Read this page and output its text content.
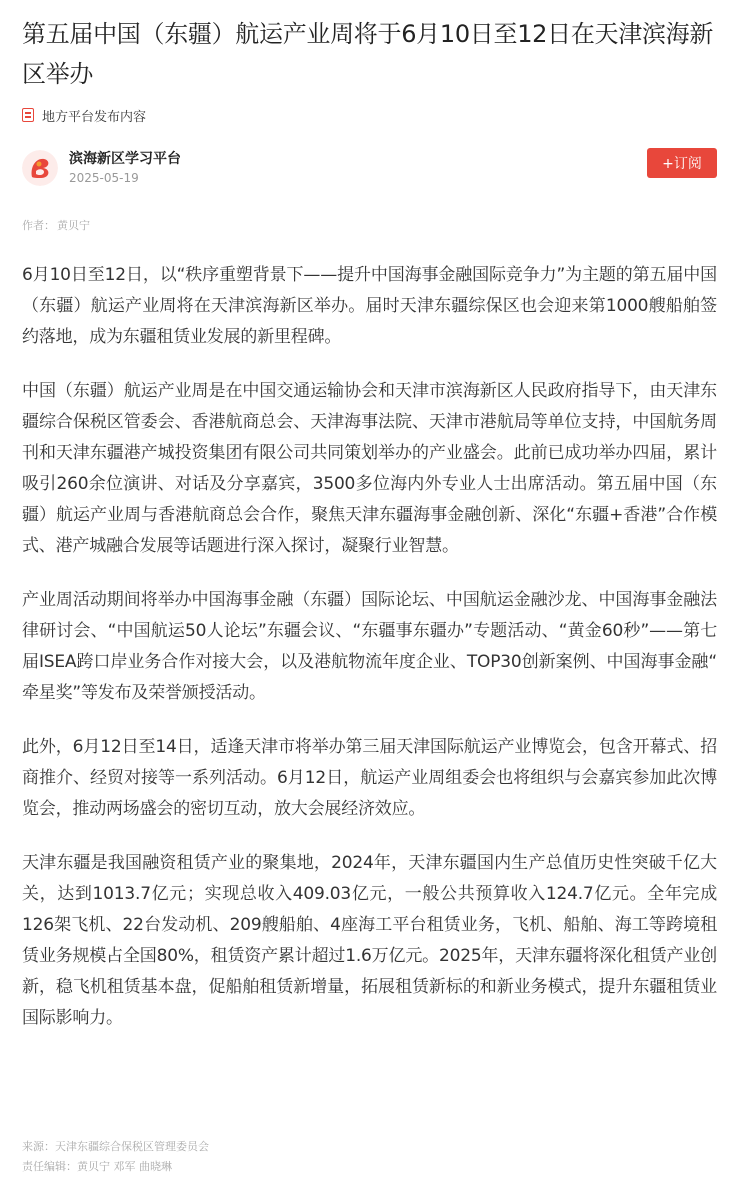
第五届中国（东疆）航运产业周将于6月10日至12日在天津滨海新区举办
地方平台发布内容
滨海新区学习平台
2025-05-19
+订阅
作者： 黄贝宁

6月10日至12日，以“秩序重塑背景下——提升中国海事金融国际竞争力”为主题的第五届中国（东疆）航运产业周将在天津滨海新区举办。届时天津东疆综保区也会迎来第1000艘船舶签约落地，成为东疆租赁业发展的新里程碑。

中国（东疆）航运产业周是在中国交通运输协会和天津市滨海新区人民政府指导下，由天津东疆综合保税区管委会、香港航商总会、天津海事法院、天津市港航局等单位支持，中国航务周刊和天津东疆港产城投资集团有限公司共同策划举办的产业盛会。此前已成功举办四届，累计吸引260余位演讲、对话及分享嘉宾，3500多位海内外专业人士出席活动。第五届中国（东疆）航运产业周与香港航商总会合作，聚焦天津东疆海事金融创新、深化“东疆+香港”合作模式、港产城融合发展等话题进行深入探讨，凝聚行业智慧。

产业周活动期间将举办中国海事金融（东疆）国际论坛、中国航运金融沙龙、中国海事金融法律研讨会、“中国航运50人论坛”东疆会议、“东疆事东疆办”专题活动、“黄金60秒”——第七届ISEA跨口岸业务合作对接大会，以及港航物流年度企业、TOP30创新案例、中国海事金融“ 牵星奖”等发布及荣誉颁授活动。

此外，6月12日至14日，适逢天津市将举办第三届天津国际航运产业博览会，包含开幕式、招商推介、经贸对接等一系列活动。6月12日，航运产业周组委会也将组织与会嘉宾参加此次博览会，推动两场盛会的密切互动，放大会展经济效应。

天津东疆是我国融资租赁产业的聚集地，2024年，天津东疆国内生产总值历史性突破千亿大关，达到1013.7亿元；实现总收入409.03亿元，一般公共预算收入124.7亿元。全年完成126架飞机、22台发动机、209艘船舶、4座海工平台租赁业务，飞机、船舶、海工等跨境租赁业务规模占全国80%，租赁资产累计超过1.6万亿元。2025年，天津东疆将深化租赁产业创新，稳飞机租赁基本盘，促船舶租赁新增量，拓展租赁新标的和新业务模式，提升东疆租赁业国际影响力。

来源：天津东疆综合保税区管理委员会
责任编辑：黄贝宁 邓军 曲晓琳
